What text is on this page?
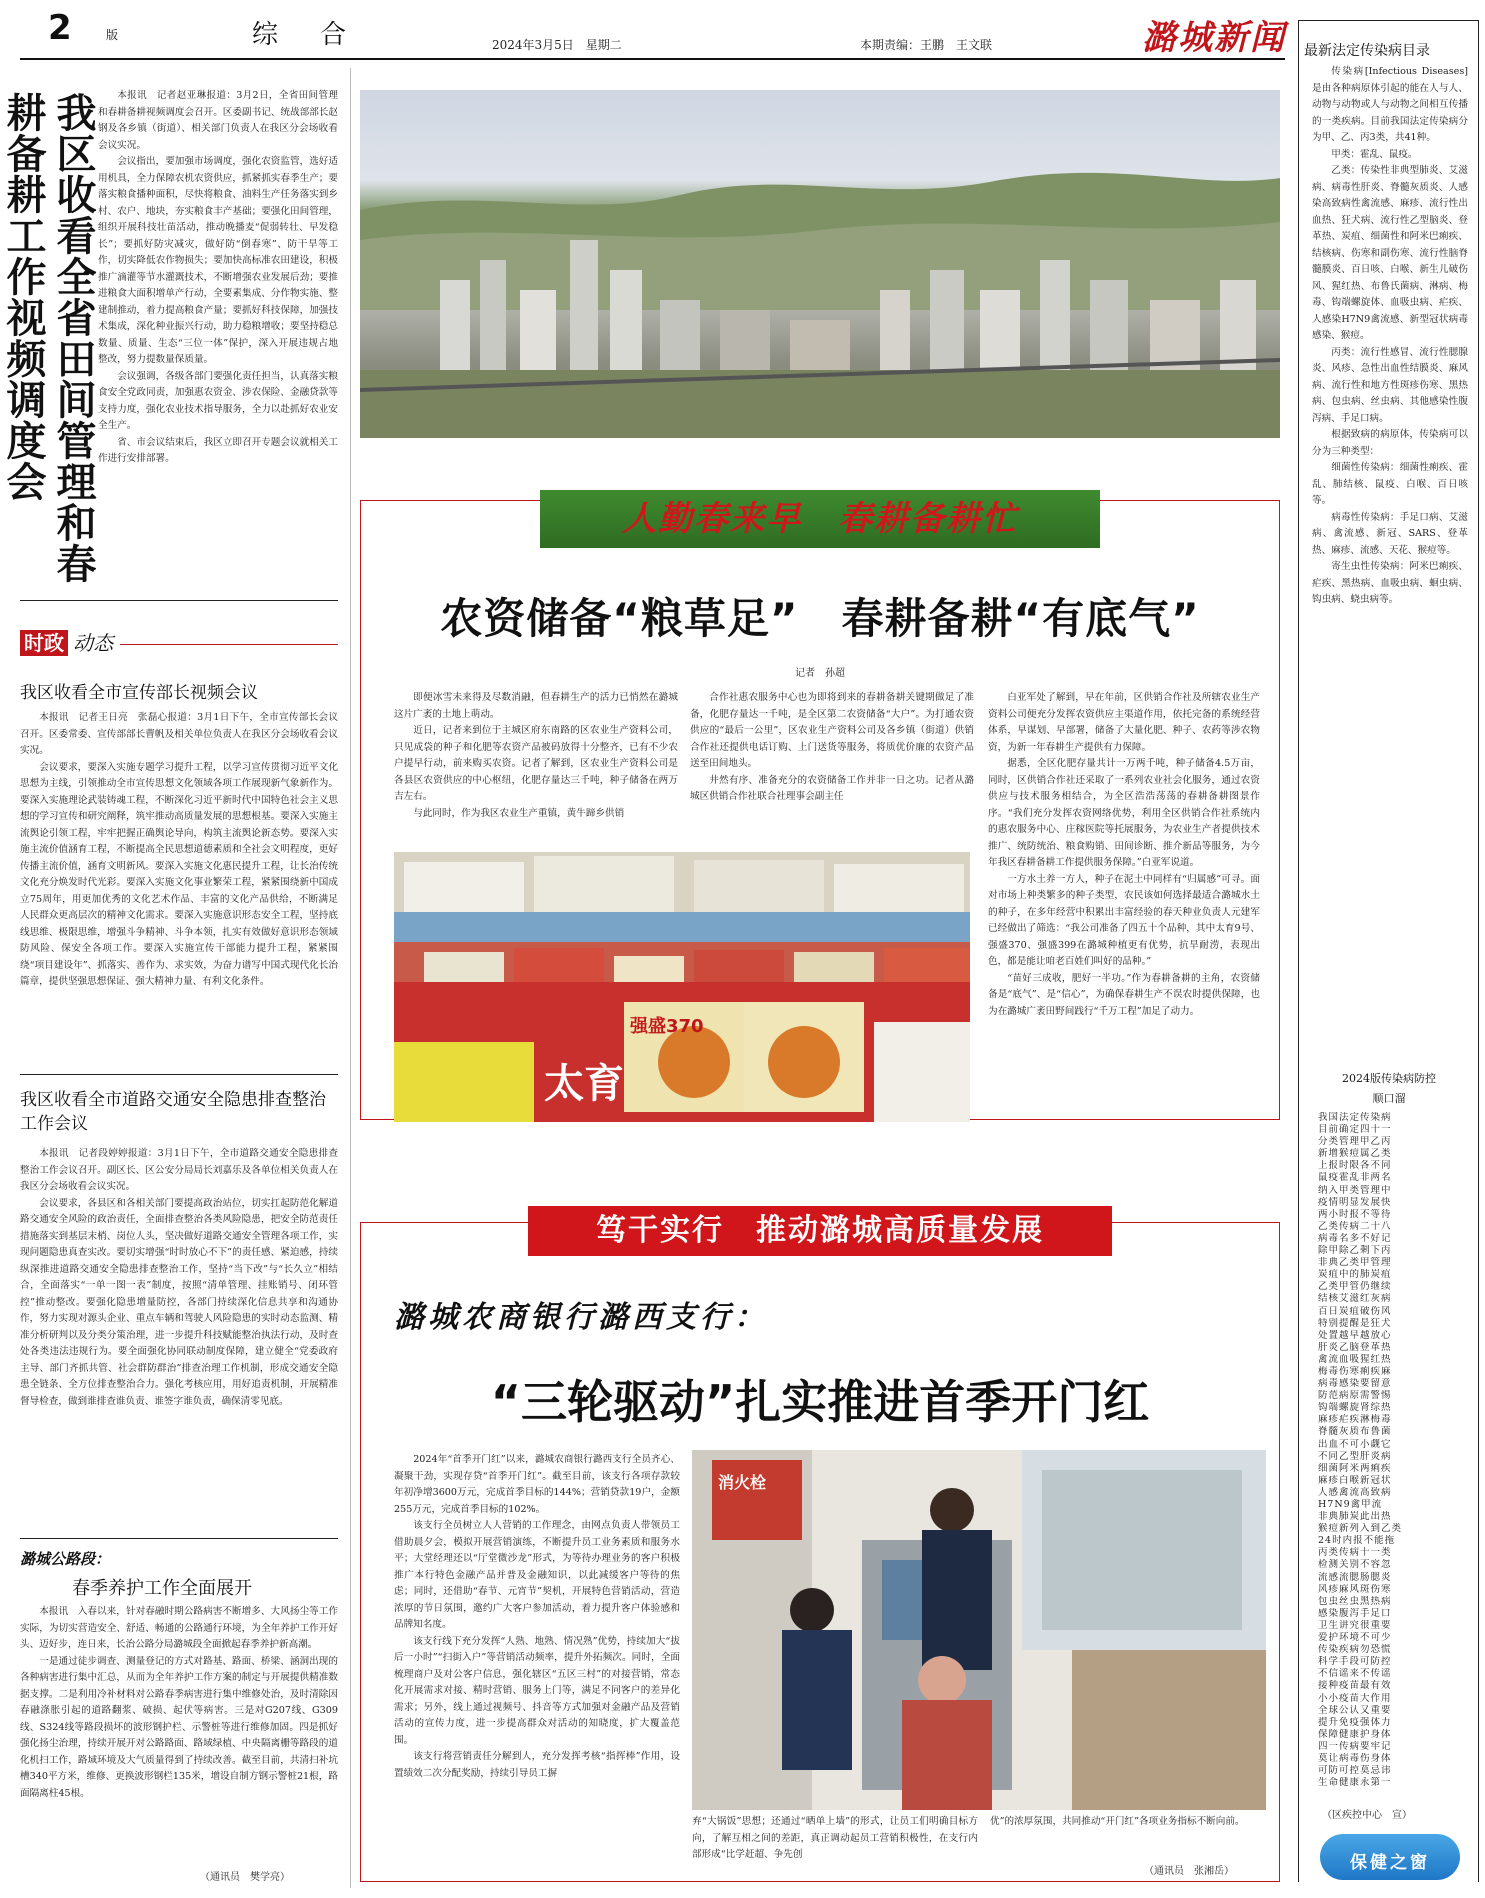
2	版	综　合	2024年3月5日　星期二	本期责编：王鹏　王文联	潞城新闻
我区收看全省田间管理和春耕备耕工作视频调度会	本报讯　记者赵亚琳报道：3月2日，全省田间管理和春耕备耕视频调度会召开。区委副书记、统战部部长赵钢及各乡镇（街道）、相关部门负责人在我区分会场收看会议实况。

会议指出，要加强市场调度，强化农资监管，选好适用机具，全力保障农机农资供应，抓紧抓实春季生产；要落实粮食播种面积，尽快将粮食、油料生产任务落实到乡村、农户、地块，夯实粮食丰产基础；要强化田间管理，组织开展科技壮苗活动，推动晚播麦“促弱转壮、早发稳长”；要抓好防灾减灾，做好防“倒春寒”、防干旱等工作，切实降低农作物损失；要加快高标准农田建设，积极推广滴灌等节水灌溉技术，不断增强农业发展后劲；要推进粮食大面积增单产行动，全要素集成、分作物实施、整建制推动，着力提高粮食产量；要抓好科技保障，加强技术集成，深化种业振兴行动，助力稳粮增收；要坚持稳总数量、质量、生态“三位一体”保护，深入开展违规占地整改，努力提数量保质量。

会议强调，各级各部门要强化责任担当，认真落实粮食安全党政同责，加强惠农资金、涉农保险、金融贷款等支持力度，强化农业技术指导服务，全力以赴抓好农业安全生产。

省、市会议结束后，我区立即召开专题会议就相关工作进行安排部署。

时政 动态
我区收看全市宣传部长视频会议

本报讯　记者王日亮　张磊心报道：3月1日下午，全市宣传部长会议召开。区委常委、宣传部部长曹帆及相关单位负责人在我区分会场收看会议实况。

会议要求，要深入实施专题学习提升工程，以学习宣传贯彻习近平文化思想为主线，引领推动全市宣传思想文化领域各项工作展现新气象新作为。要深入实施理论武装铸魂工程，不断深化习近平新时代中国特色社会主义思想的学习宣传和研究阐释，筑牢推动高质量发展的思想根基。要深入实施主流舆论引领工程，牢牢把握正确舆论导向，构筑主流舆论新态势。要深入实施主流价值涵育工程，不断提高全民思想道德素质和全社会文明程度，更好传播主流价值，涵育文明新风。要深入实施文化惠民提升工程，让长治传统文化充分焕发时代光彩。要深入实施文化事业繁荣工程，紧紧围绕新中国成立75周年，用更加优秀的文化艺术作品、丰富的文化产品供给，不断满足人民群众更高层次的精神文化需求。要深入实施意识形态安全工程，坚持底线思维、极限思维，增强斗争精神、斗争本领，扎实有效做好意识形态领域防风险、保安全各项工作。要深入实施宣传干部能力提升工程，紧紧围绕“项目建设年”、抓落实、善作为、求实效，为奋力谱写中国式现代化长治篇章，提供坚强思想保证、强大精神力量、有利文化条件。

我区收看全市道路交通安全隐患排查整治工作会议

本报讯　记者段婷婷报道：3月1日下午，全市道路交通安全隐患排查整治工作会议召开。副区长、区公安分局局长刘嘉乐及各单位相关负责人在我区分会场收看会议实况。

会议要求，各县区和各相关部门要提高政治站位，切实扛起防范化解道路交通安全风险的政治责任，全面排查整治各类风险隐患，把安全防范责任措施落实到基层末梢、岗位人头，坚决做好道路交通安全管理各项工作，实现问题隐患真查实改。要切实增强“时时放心不下”的责任感、紧迫感，持续纵深推进道路交通安全隐患排查整治工作，坚持“当下改”与“长久立”相结合，全面落实“一单一图一表”制度，按照“清单管理、挂账销号、闭环管控”推动整改。要强化隐患增量防控，各部门持续深化信息共享和沟通协作，努力实现对源头企业、重点车辆和驾驶人风险隐患的实时动态监测、精准分析研判以及分类分策治理，进一步提升科技赋能整治执法行动，及时查处各类违法违规行为。要全面强化协同联动制度保障，建立健全“党委政府主导、部门齐抓共管、社会群防群治”排查治理工作机制，形成交通安全隐患全链条、全方位排查整治合力。强化考核应用，用好追责机制，开展精准督导检查，做到谁排查谁负责、谁签字谁负责，确保清零见底。

潞城公路段：
春季养护工作全面展开

本报讯　入春以来，针对春融时期公路病害不断增多、大风扬尘等工作实际，为切实营造安全、舒适、畅通的公路通行环境，为全年养护工作开好头、迈好步，连日来，长治公路分局潞城段全面掀起春季养护新高潮。

一是通过徒步调查、测量登记的方式对路基、路面、桥梁、涵洞出现的各种病害进行集中汇总，从而为全年养护工作方案的制定与开展提供精准数据支撑。二是利用冷补材料对公路春季病害进行集中维修处治，及时清除因春融涤胀引起的道路翻浆、破损、起伏等病害。三是对G207线、G309线、S324线等路段损坏的波形钢护栏、示警桩等进行维修加固。四是抓好强化扬尘治理，持续开展开对公路路面、路域绿植、中央隔离栅等路段的道化机扫工作，路域环境及大气质量得到了持续改善。截至目前，共清扫补坑槽340平方米，维修、更换波形钢栏135米，增设自制方钢示警桩21根，路面隔离柱45根。

（通讯员　樊学亮）
人勤春来早　春耕备耕忙
农资储备“粮草足”　春耕备耕“有底气”
记者　孙超

即便冰雪未来得及尽数消融，但春耕生产的活力已悄然在潞城这片广袤的土地上萌动。

近日，记者来到位于主城区府东南路的区农业生产资料公司，只见成袋的种子和化肥等农资产品被码放得十分整齐，已有不少农户提早行动，前来购买农资。记者了解到，区农业生产资料公司是各县区农资供应的中心枢纽，化肥存量达三千吨，种子储备在两万吉左右。

与此同时，作为我区农业生产重镇，黄牛蹄乡供销

合作社惠农服务中心也为即将到来的春耕备耕关键期做足了准备，化肥存量达一千吨，是全区第二农资储备“大户”。为打通农资供应的“最后一公里”，区农业生产资料公司及各乡镇（街道）供销合作社还提供电话订购、上门送货等服务，将质优价廉的农资产品送至田间地头。

井然有序、准备充分的农资储备工作并非一日之功。记者从潞城区供销合作社联合社理事会副主任

白亚军处了解到，早在年前，区供销合作社及所辖农业生产资料公司便充分发挥农资供应主渠道作用，依托完备的系统经营体系，早谋划、早部署，储备了大量化肥、种子、农药等涉农物资，为新一年春耕生产提供有力保障。

据悉，全区化肥存量共计一万两千吨，种子储备4.5万亩，同时，区供销合作社还采取了一系列农业社会化服务，通过农资供应与技术服务相结合，为全区浩浩荡荡的春耕备耕图景作序。“我们充分发挥农资网络优势，利用全区供销合作社系统内的惠农服务中心、庄稼医院等托展服务，为农业生产者提供技术推广、统防统治、粮食购销、田间诊断、推介新品等服务，为今年我区春耕备耕工作提供服务保障。”白亚军说道。

一方水土养一方人，种子在泥土中同样有“归属感”可寻。面对市场上种类繁多的种子类型，农民该如何选择最适合潞城水土的种子，在多年经营中积累出丰富经验的春天种业负责人元建军已经做出了筛选：“我公司准备了四五十个品种，其中太育9号、强盛370、强盛399在潞城种植更有优势，抗旱耐涝，表现出色，都是能让咱老百姓们叫好的品种。”

“苗好三成收，肥好一半功。”作为春耕备耕的主角，农资储备是“底气”、是“信心”，为确保春耕生产不误农时提供保障，也为在潞城广袤田野间践行“千万工程”加足了动力。

太育
强盛370
笃干实行　推动潞城高质量发展
潞城农商银行潞西支行：
“三轮驱动”扎实推进首季开门红

2024年“首季开门红”以来，潞城农商银行潞西支行全员齐心、凝聚干劲，实现存贷“首季开门红”。截至目前，该支行各项存款较年初净增3600万元，完成首季目标的144%；营销贷款19户，金额255万元，完成首季目标的102%。

该支行全员树立人人营销的工作理念，由网点负责人带领员工借助晨夕会，模拟开展营销演练，不断提升员工业务素质和服务水平；大堂经理还以“厅堂微沙龙”形式，为等待办理业务的客户积极推广本行特色金融产品并普及金融知识，以此减缓客户等待的焦虑；同时，还借助“春节、元宵节”契机，开展特色营销活动，营造浓厚的节日氛围，邀约广大客户参加活动，着力提升客户体验感和品牌知名度。

该支行线下充分发挥“人熟、地熟、情况熟”优势，持续加大“拔后一小时”“扫街入户”等营销活动频率，提升外拓频次。同时，全面梳理商户及对公客户信息，强化辖区“五区三村”的对接营销，常态化开展需求对接、精时营销、服务上门等，满足不同客户的差异化需求；另外，线上通过视频号、抖音等方式加强对金融产品及营销活动的宣传力度，进一步提高群众对活动的知晓度，扩大覆盖范围。

该支行将营销责任分解到人，充分发挥考核“指挥棒”作用，设置绩效二次分配奖励，持续引导员工摒

消火栓

弃“大锅饭”思想；还通过“晒单上墙”的形式，让员工们明确目标方向，了解互相之间的差距，真正调动起员工营销积极性，在支行内部形成“比学赶超、争先创

优”的浓厚氛围，共同推动“开门红”各项业务指标不断向前。

（通讯员　张湘岳）
最新法定传染病目录

传染病[Infectious Diseases]是由各种病原体引起的能在人与人、动物与动物或人与动物之间相互传播的一类疾病。目前我国法定传染病分为甲、乙、丙3类，共41种。

甲类：霍乱、鼠疫。

乙类：传染性非典型肺炎、艾滋病、病毒性肝炎、脊髓灰质炎、人感染高致病性禽流感、麻疹、流行性出血热、狂犬病、流行性乙型脑炎、登革热、炭疽、细菌性和阿米巴痢疾、结核病、伤寒和副伤寒、流行性脑脊髓膜炎、百日咳、白喉、新生儿破伤风、猩红热、布鲁氏菌病、淋病、梅毒、钩端螺旋体、血吸虫病、疟疾、人感染H7N9禽流感、新型冠状病毒感染、猴痘。

丙类：流行性感冒、流行性腮腺炎、风疹、急性出血性结膜炎、麻风病、流行性和地方性斑疹伤寒、黑热病、包虫病、丝虫病、其他感染性腹泻病、手足口病。

根据致病的病原体，传染病可以分为三种类型：

细菌性传染病：细菌性痢疾、霍乱、肺结核、鼠疫、白喉、百日咳等。

病毒性传染病：手足口病、艾滋病、禽流感、新冠、SARS、登革热、麻疹、流感、天花、猴痘等。

寄生虫性传染病：阿米巴痢疾、疟疾、黑热病、血吸虫病、蛔虫病、钩虫病、蛲虫病等。

2024版传染病防控
顺口溜
我国法定传染病
目前确定四十一
分类管理甲乙丙
新增猴痘属乙类
上报时限各不同
鼠疫霍乱非两名
纳入甲类管理中
疫情明显发展快
两小时报不等待
乙类传病二十八
病毒名多不好记
除甲除乙剩下丙
非典乙类甲管理
炭疽中的肺炭疽
乙类甲管仍继续
结核艾滋红灰病
百日炭疽破伤风
特别提醒是狂犬
处置越早越放心
肝炎乙脑登革热
禽流血吸猩红热
梅毒伤寒痢疾麻
病毒感染要留意
防范病原需警惕
钩端螺旋肾综热
麻疹疟疾淋梅毒
脊髓灰质布鲁菌
出血不可小觑它
不同乙型肝炎病
细菌阿米两痢疾
麻疹白喉新冠状
人感禽流高致病
H7N9禽甲流
非典肺炭此出热
猴痘新列入到乙类
24时内报不能拖
丙类传病十一类
检测关别不容忽
流感流腮肠腮炎
风疹麻风斑伤寒
包虫丝虫黑热病
感染腹泻手足口
卫生讲究很重要
爱护环境不可少
传染疾病勿恐慌
科学手段可防控
不信谣来不传谣
接种疫苗最有效
小小疫苗大作用
全球公认又重要
提升免疫强体力
保障健康护身体
四一传病要牢记
莫让病毒伤身体
可防可控莫忌讳
生命健康永第一
（区疾控中心　宣）
保健之窗
